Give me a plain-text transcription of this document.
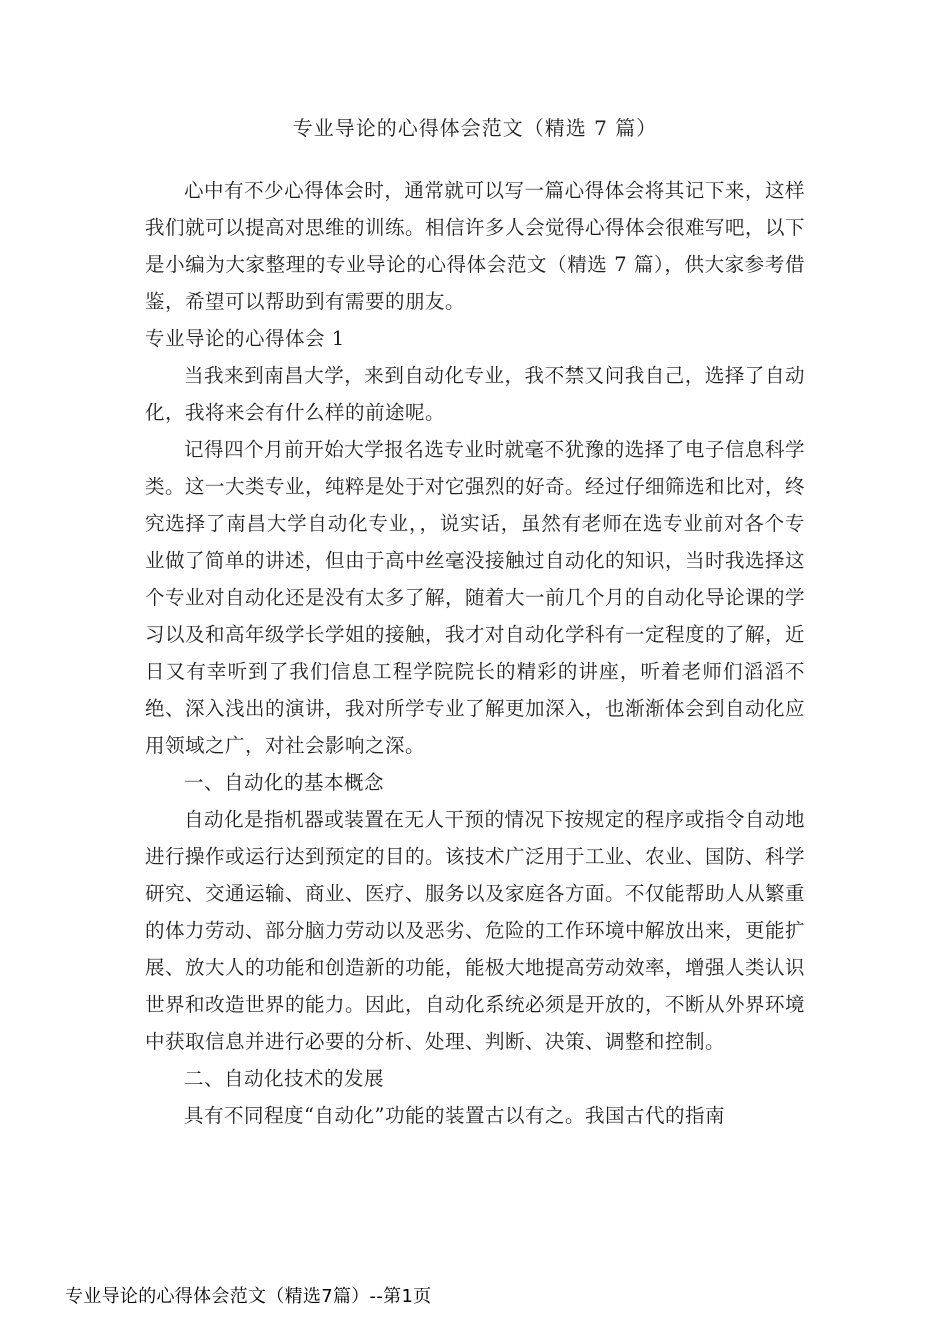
专业导论的心得体会范文（精选 7 篇）

心中有不少心得体会时，通常就可以写一篇心得体会将其记下来，这样我们就可以提高对思维的训练。相信许多人会觉得心得体会很难写吧，以下是小编为大家整理的专业导论的心得体会范文（精选 7 篇），供大家参考借鉴，希望可以帮助到有需要的朋友。

专业导论的心得体会 1

当我来到南昌大学，来到自动化专业，我不禁又问我自己，选择了自动化，我将来会有什么样的前途呢。

记得四个月前开始大学报名选专业时就毫不犹豫的选择了电子信息科学类。这一大类专业，纯粹是处于对它强烈的好奇。经过仔细筛选和比对，终究选择了南昌大学自动化专业，，说实话，虽然有老师在选专业前对各个专业做了简单的讲述，但由于高中丝毫没接触过自动化的知识，当时我选择这个专业对自动化还是没有太多了解，随着大一前几个月的自动化导论课的学习以及和高年级学长学姐的接触，我才对自动化学科有一定程度的了解，近日又有幸听到了我们信息工程学院院长的精彩的讲座，听着老师们滔滔不绝、深入浅出的演讲，我对所学专业了解更加深入，也渐渐体会到自动化应用领域之广，对社会影响之深。

一、自动化的基本概念

自动化是指机器或装置在无人干预的情况下按规定的程序或指令自动地进行操作或运行达到预定的目的。该技术广泛用于工业、农业、国防、科学研究、交通运输、商业、医疗、服务以及家庭各方面。不仅能帮助人从繁重的体力劳动、部分脑力劳动以及恶劣、危险的工作环境中解放出来，更能扩展、放大人的功能和创造新的功能，能极大地提高劳动效率，增强人类认识世界和改造世界的能力。因此，自动化系统必须是开放的，不断从外界环境中获取信息并进行必要的分析、处理、判断、决策、调整和控制。

二、自动化技术的发展

具有不同程度“自动化”功能的装置古以有之。我国古代的指南

专业导论的心得体会范文（精选7篇）--第1页
